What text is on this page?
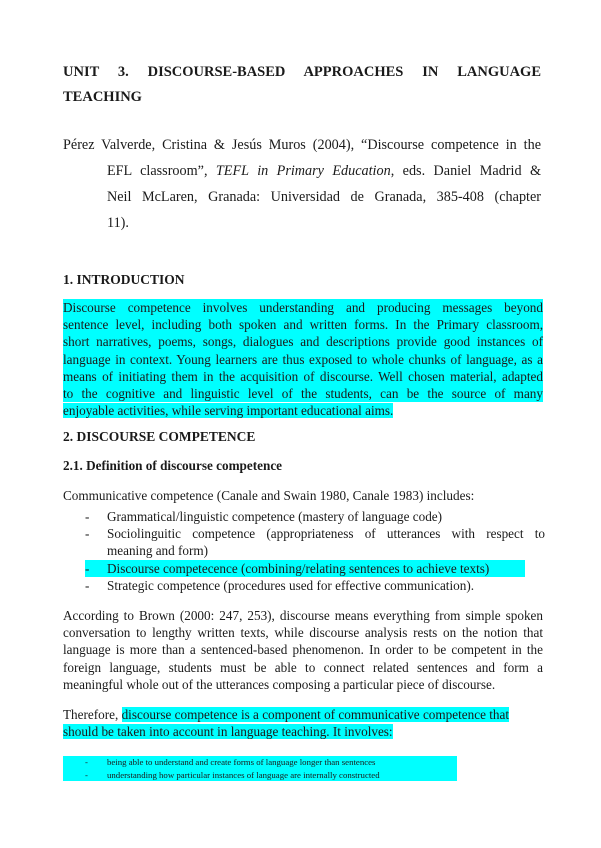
UNIT 3. DISCOURSE-BASED APPROACHES IN LANGUAGE
TEACHING
Pérez Valverde, Cristina & Jesús Muros (2004), “Discourse competence in the
EFL classroom”, TEFL in Primary Education, eds. Daniel Madrid &
Neil McLaren, Granada: Universidad de Granada, 385-408 (chapter
11).
1. INTRODUCTION
Discourse competence involves understanding and producing messages beyond
sentence level, including both spoken and written forms. In the Primary classroom,
short narratives, poems, songs, dialogues and descriptions provide good instances of
language in context. Young learners are thus exposed to whole chunks of language, as a
means of initiating them in the acquisition of discourse. Well chosen material, adapted
to the cognitive and linguistic level of the students, can be the source of many
enjoyable activities, while serving important educational aims.
2. DISCOURSE COMPETENCE
2.1. Definition of discourse competence
Communicative competence (Canale and Swain 1980, Canale 1983) includes:
- Grammatical/linguistic competence (mastery of language code)
- Sociolinguitic competence (appropriateness of utterances with respect to
meaning and form)
- Discourse competecence (combining/relating sentences to achieve texts)
- Strategic competence (procedures used for effective communication).
According to Brown (2000: 247, 253), discourse means everything from simple spoken
conversation to lengthy written texts, while discourse analysis rests on the notion that
language is more than a sentenced-based phenomenon. In order to be competent in the
foreign language, students must be able to connect related sentences and form a
meaningful whole out of the utterances composing a particular piece of discourse.
Therefore, discourse competence is a component of communicative competence that
should be taken into account in language teaching. It involves:
- being able to understand and create forms of language longer than sentences
- understanding how particular instances of language are internally constructed
